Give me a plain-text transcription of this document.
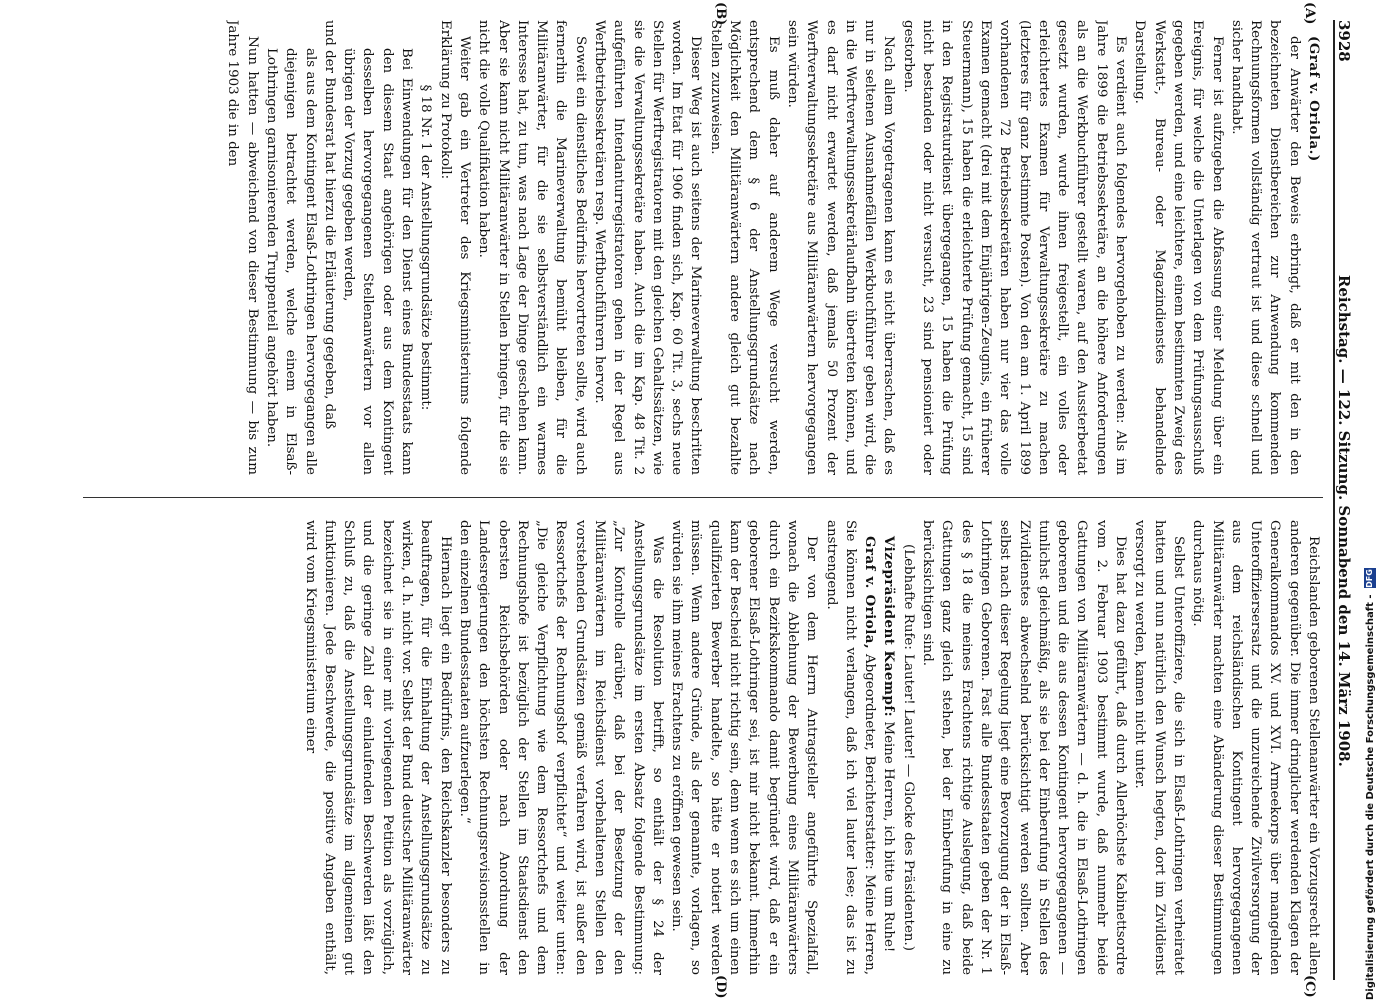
3928
Reichstag. — 122. Sitzung. Sonnabend den 14. März 1908.
(A)
(B)
(C)
(D)

(Graf v. Oriola.)

der Anwärter den Beweis erbringt, daß er mit den in den bezeichneten Dienstbereichen zur Anwendung kommenden Rechnungsformen vollständig vertraut ist und diese schnell und sicher handhabt.

Ferner ist aufzugeben die Abfassung einer Meldung über ein Ereignis, für welche die Unterlagen von dem Prüfungsausschuß gegeben werden, und eine leichtere, einem bestimmten Zweig des Werkstatt-, Bureau- oder Magazindienstes behandelnde Darstellung.

Es verdient auch folgendes hervorgehoben zu werden: Als im Jahre 1899 die Betriebssekretäre, an die höhere Anforderungen als an die Werkbuchführer gestellt waren, auf den Aussterbeetat gesetzt wurden, wurde ihnen freigestellt, ein volles oder erleichtertes Examen für Verwaltungssekretäre zu machen (letzteres für ganz bestimmte Posten). Von den am 1. April 1899 vorhandenen 72 Betriebssekretären haben nur vier das volle Examen gemacht (drei mit dem Einjährigen-Zeugnis, ein früherer Steuermann), 15 haben die erleichterte Prüfung gemacht, 15 sind in den Registraturdienst übergegangen, 15 haben die Prüfung nicht bestanden oder nicht versucht, 23 sind pensioniert oder gestorben.

Nach allem Vorgetragenen kann es nicht überraschen, daß es nur in seltenen Ausnahmefällen Werkbuchführer geben wird, die in die Werftverwaltungssekretärlaufbahn übertreten können, und es darf nicht erwartet werden, daß jemals 50 Prozent der Werftverwaltungssekretäre aus Militäranwärtern hervorgegangen sein würden.

Es muß daher auf anderem Wege versucht werden, entsprechend dem § 6 der Anstellungsgrundsätze nach Möglichkeit den Militäranwärtern andere gleich gut bezahlte Stellen zuzuweisen.

Dieser Weg ist auch seitens der Marineverwaltung beschritten worden. Im Etat für 1906 finden sich, Kap. 60 Tit. 3, sechs neue Stellen für Werftregistratoren mit den gleichen Gehaltssätzen, wie sie die Verwaltungssekretäre haben. Auch die im Kap. 48 Tit. 2 aufgeführten Intendanturregistratoren gehen in der Regel aus Werftbetriebssekretären resp. Werftbuchführern hervor.

Soweit ein dienstliches Bedürfnis hervortreten sollte, wird auch fernerhin die Marineverwaltung bemüht bleiben, für die Militäranwärter, für die sie selbstverständlich ein warmes Interesse hat, zu tun, was nach Lage der Dinge geschehen kann. Aber sie kann nicht Militäranwärter in Stellen bringen, für die sie nicht die volle Qualifikation haben.

Weiter gab ein Vertreter des Kriegsministeriums folgende Erklärung zu Protokoll:

§ 18 Nr. 1 der Anstellungsgrundsätze bestimmt:

Bei Einwendungen für den Dienst eines Bundesstaats kann den diesem Staat angehörigen oder aus dem Kontingent desselben hervorgegangenen Stellenanwärtern vor allen übrigen der Vorzug gegeben werden,

und der Bundesrat hat hierzu die Erläuterung gegeben, daß

als aus dem Kontingent Elsaß-Lothringen hervorgegangen alle diejenigen betrachtet werden, welche einem in Elsaß-Lothringen garnisonierenden Truppenteil angehört haben.

Nun hatten — abweichend von dieser Bestimmung — bis zum Jahre 1903 die in den

Reichslanden geborenen Stellenanwärter ein Vorzugsrecht allen anderen gegenüber. Die immer dringlicher werdenden Klagen der Generalkommandos XV. und XVI. Armeekorps über mangelnden Unteroffiziersersatz und die unzureichende Zivilversorgung der aus dem reichsländischen Kontingent hervorgegangenen Militäranwärter machten eine Abänderung dieser Bestimmungen durchaus nötig.

Selbst Unteroffiziere, die sich in Elsaß-Lothringen verheiratet hatten und nun natürlich den Wunsch hegten, dort im Zivildienst versorgt zu werden, kamen nicht unter.

Dies hat dazu geführt, daß durch Allerhöchste Kabinettsordre vom 2. Februar 1903 bestimmt wurde, daß nunmehr beide Gattungen von Militäranwärtern — d. h. die in Elsaß-Lothringen geborenen und die aus dessen Kontingent hervorgegangenen — tunlichst gleichmäßig, als sie bei der Einberufung in Stellen des Zivildienstes abwechselnd berücksichtigt werden sollten. Aber selbst nach dieser Regelung liegt eine Bevorzugung der in Elsaß-Lothringen Geborenen. Fast alle Bundesstaaten geben der Nr. 1 des § 18 die meines Erachtens richtige Auslegung, daß beide Gattungen ganz gleich stehen, bei der Einberufung in eine zu berücksichtigen sind.

(Lebhafte Rufe: Lauter! Lauter! — Glocke des Präsidenten.)

Vizepräsident Kaempf: Meine Herren, ich bitte um Ruhe!

Graf v. Oriola, Abgeordneter, Berichterstatter: Meine Herren, Sie können nicht verlangen, daß ich viel lauter lese; das ist zu anstrengend.

Der von dem Herrn Antragsteller angeführte Spezialfall, wonach die Ablehnung der Bewerbung eines Militäranwärters durch ein Bezirkskommando damit begründet wird, daß er ein geborener Elsaß-Lothringer sei, ist mir nicht bekannt. Immerhin kann der Bescheid nicht richtig sein, denn wenn es sich um einen qualifizierten Bewerber handelte, so hätte er notiert werden müssen. Wenn andere Gründe, als der genannte, vorlagen, so würden sie ihm meines Erachtens zu eröffnen gewesen sein.

Was die Resolution betrifft, so enthält der § 24 der Anstellungsgrundsätze im ersten Absatz folgende Bestimmung: „Zur Kontrolle darüber, daß bei der Besetzung der den Militäranwärtern im Reichsdienst vorbehaltenen Stellen den vorstehenden Grundsätzen gemäß verfahren wird, ist außer den Ressortchefs der Rechnungshof verpflichtet“ und weiter unten: „Die gleiche Verpflichtung wie dem Ressortchefs und dem Rechnungshofe ist bezüglich der Stellen im Staatsdienst den obersten Reichsbehörden oder nach Anordnung der Landesregierungen den höchsten Rechnungsrevisionsstellen in den einzelnen Bundesstaaten aufzuerlegen.“

Hiernach liegt ein Bedürfnis, den Reichskanzler besonders zu beauftragen, für die Einhaltung der Anstellungsgrundsätze zu wirken, d. h. nicht vor. Selbst der Bund deutscher Militäranwärter bezeichnet sie in einer mit vorliegenden Petition als vorzüglich, und die geringe Zahl der einlaufenden Beschwerden läßt den Schluß zu, daß die Anstellungsgrundsätze im allgemeinen gut funktionieren. Jede Beschwerde, die positive Angaben enthält, wird vom Kriegsministerium einer	Digitalisierung gefördert durch die Deutsche Forschungsgemeinschaft -
DFG
